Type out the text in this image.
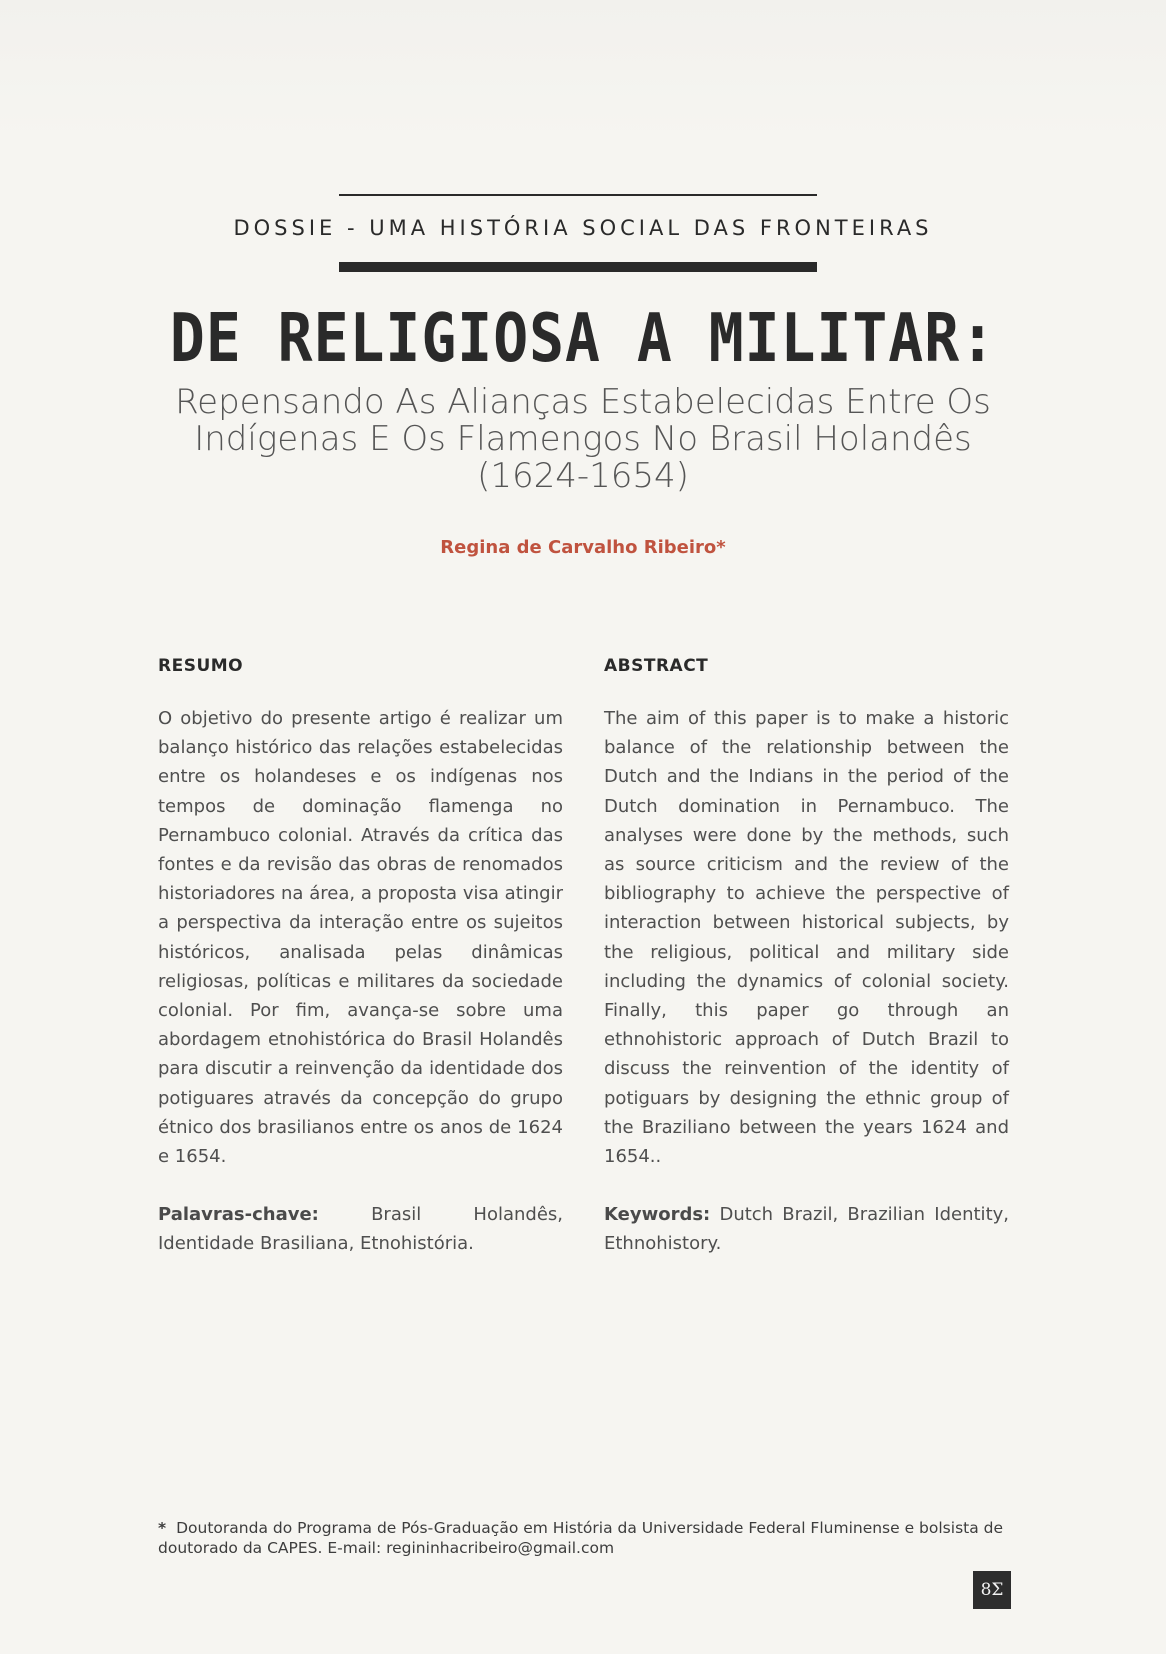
DOSSIE - UMA HISTÓRIA SOCIAL DAS FRONTEIRAS
DE RELIGIOSA A MILITAR:
Repensando As Alianças Estabelecidas Entre Os Indígenas E Os Flamengos No Brasil Holandês (1624-1654)
Regina de Carvalho Ribeiro*
RESUMO

O objetivo do presente artigo é realizar um balanço histórico das relações estabelecidas entre os holandeses e os indígenas nos tempos de dominação flamenga no Pernambuco colonial. Através da crítica das fontes e da revisão das obras de renomados historiadores na área, a proposta visa atingir a perspectiva da interação entre os sujeitos históricos, analisada pelas dinâmicas religiosas, políticas e militares da sociedade colonial. Por fim, avança-se sobre uma abordagem etnohistórica do Brasil Holandês para discutir a reinvenção da identidade dos potiguares através da concepção do grupo étnico dos brasilianos entre os anos de 1624 e 1654.

Palavras-chave:	Brasil Holandês, Identidade Brasiliana, Etnohistória.
ABSTRACT

The aim of this paper is to make a historic balance of the relationship between the Dutch and the Indians in the period of the Dutch domination in Pernambuco. The analyses were done by the methods, such as source criticism and the review of the bibliography to achieve the perspective of interaction between historical subjects, by the religious, political and military side including the dynamics of colonial society. Finally, this paper go through an ethnohistoric approach of Dutch Brazil to discuss the reinvention of the identity of potiguars by designing the ethnic group of the Braziliano between the years 1624 and 1654..

Keywords: Dutch Brazil, Brazilian Identity, Ethnohistory.
* Doutoranda do Programa de Pós-Graduação em História da Universidade Federal Fluminense e bolsista de doutorado da CAPES. E-mail: regininhacribeiro@gmail.com
8Σ
